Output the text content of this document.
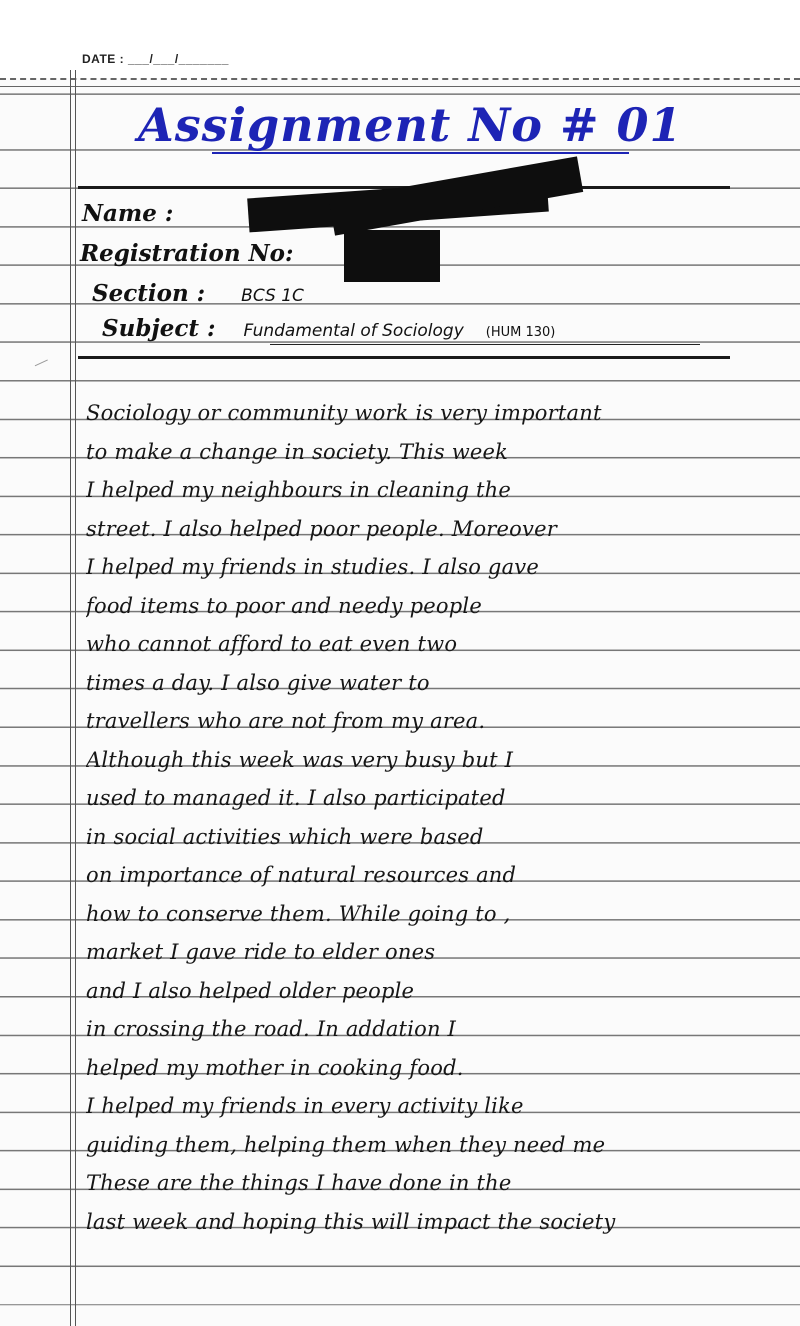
DATE : ___/___/_______
Assignment No # 01
Name :
Registration No:
Section : BCS 1C
Subject : Fundamental of Sociology (HUM 130)
Sociology or community work is very important
to make a change in society. This week
I helped my neighbours in cleaning the
street. I also helped poor people. Moreover
I helped my friends in studies. I also gave
food items to poor and needy people
who cannot afford to eat even two
times a day. I also give water to
travellers who are not from my area.
Although this week was very busy but I
used to managed it. I also participated
in social activities which were based
on importance of natural resources and
how to conserve them. While going to ,
market I gave ride to elder ones
and I also helped older people
in crossing the road. In addation I
helped my mother in cooking food.
I helped my friends in every activity like
guiding them, helping them when they need me
These are the things I have done in the
last week and hoping this will impact the society
